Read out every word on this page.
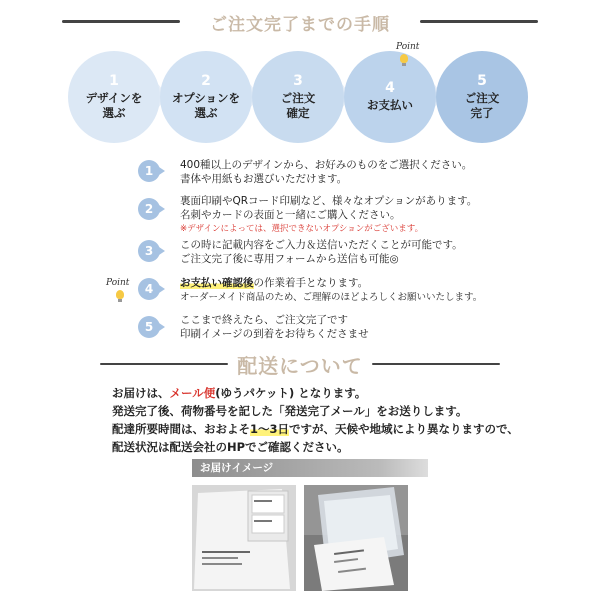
ご注文完了までの手順
1
デザインを
選ぶ
2
オプションを
選ぶ
3
ご注文
確定
4
お支払い
5
ご注文
完了
Point
1	400種以上のデザインから、お好みのものをご選択ください。
書体や用紙もお選びいただけます。
2
裏面印刷やQRコード印刷など、様々なオプションがあります。
名刺やカードの表面と一緒にご購入ください。
※デザインによっては、選択できないオプションがございます。
3	この時に記載内容をご入力＆送信いただくことが可能です。
ご注文完了後に専用フォームから送信も可能◎
Point	4	お支払い確認後の作業着手となります。
オーダーメイド商品のため、ご理解のほどよろしくお願いいたします。
5	ここまで終えたら、ご注文完了です
印刷イメージの到着をお待ちくださませ
配送について
お届けは、メール便(ゆうパケット) となります。
発送完了後、荷物番号を記した「発送完了メール」をお送りします。
配達所要時間は、おおよそ1〜3日ですが、天候や地域により異なりますので、
配送状況は配送会社のHPでご確認ください。
お届けイメージ
